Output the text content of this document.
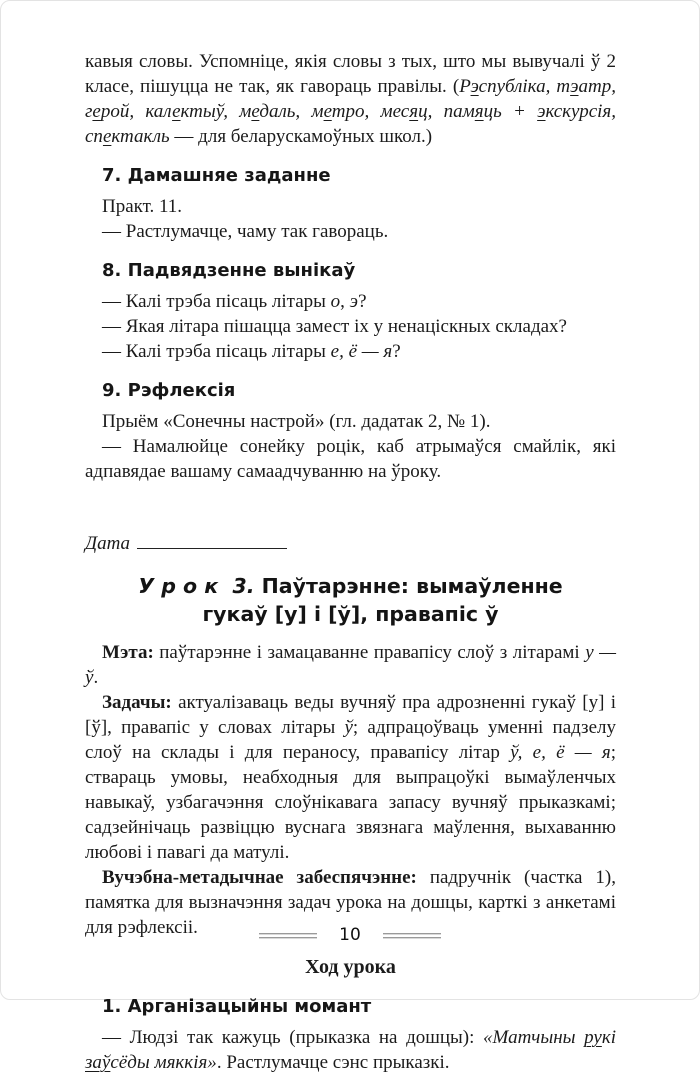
кавыя словы. Успомніце, якія словы з тых, што мы вывучалі ў 2 класе, пішуцца не так, як гавораць правілы. (Рэспубліка, тэатр, герой, калектыў, медаль, метро, месяц, памяць + экскурсія, спектакль — для беларускамоўных школ.)

7. Дамашняе заданне

Практ. 11.

— Растлумачце, чаму так гавораць.

8. Падвядзенне вынікаў

— Калі трэба пісаць літары о, э?

— Якая літара пішацца замест іх у ненаціскных складах?

— Калі трэба пісаць літары е, ё — я?

9. Рэфлексія

Прыём «Сонечны настрой» (гл. дадатак 2, № 1).

— Намалюйце сонейку роцік, каб атрымаўся смайлік, які адпавядае вашаму самаадчуванню на ўроку.

Дата
У р о к  3. Паўтарэнне: вымаўленне
гукаў [у] і [ў], правапіс ў

Мэта: паўтарэнне і замацаванне правапісу слоў з літарамі у — ў.

Задачы: актуалізаваць веды вучняў пра адрозненні гукаў [у] і [ў], правапіс у словах літары ў; адпрацоўваць уменні падзелу слоў на склады і для пераносу, правапісу літар ў, е, ё — я; ствараць умовы, неабходныя для выпрацоўкі вымаўленчых навыкаў, узбагачэння слоўнікавага запасу вучняў прыказкамі; садзейнічаць развіццю вуснага звязнага маўлення, выхаванню любові і павагі да матулі.

Вучэбна-метадычнае забеспячэнне: падручнік (частка 1), памятка для вызначэння задач урока на дошцы, карткі з анкетамі для рэфлексіі.

Ход урока
1. Арганізацыйны момант

— Людзі так кажуць (прыказка на дошцы): «Матчыны рукі заўсёды мяккія». Растлумачце сэнс прыказкі.

10
